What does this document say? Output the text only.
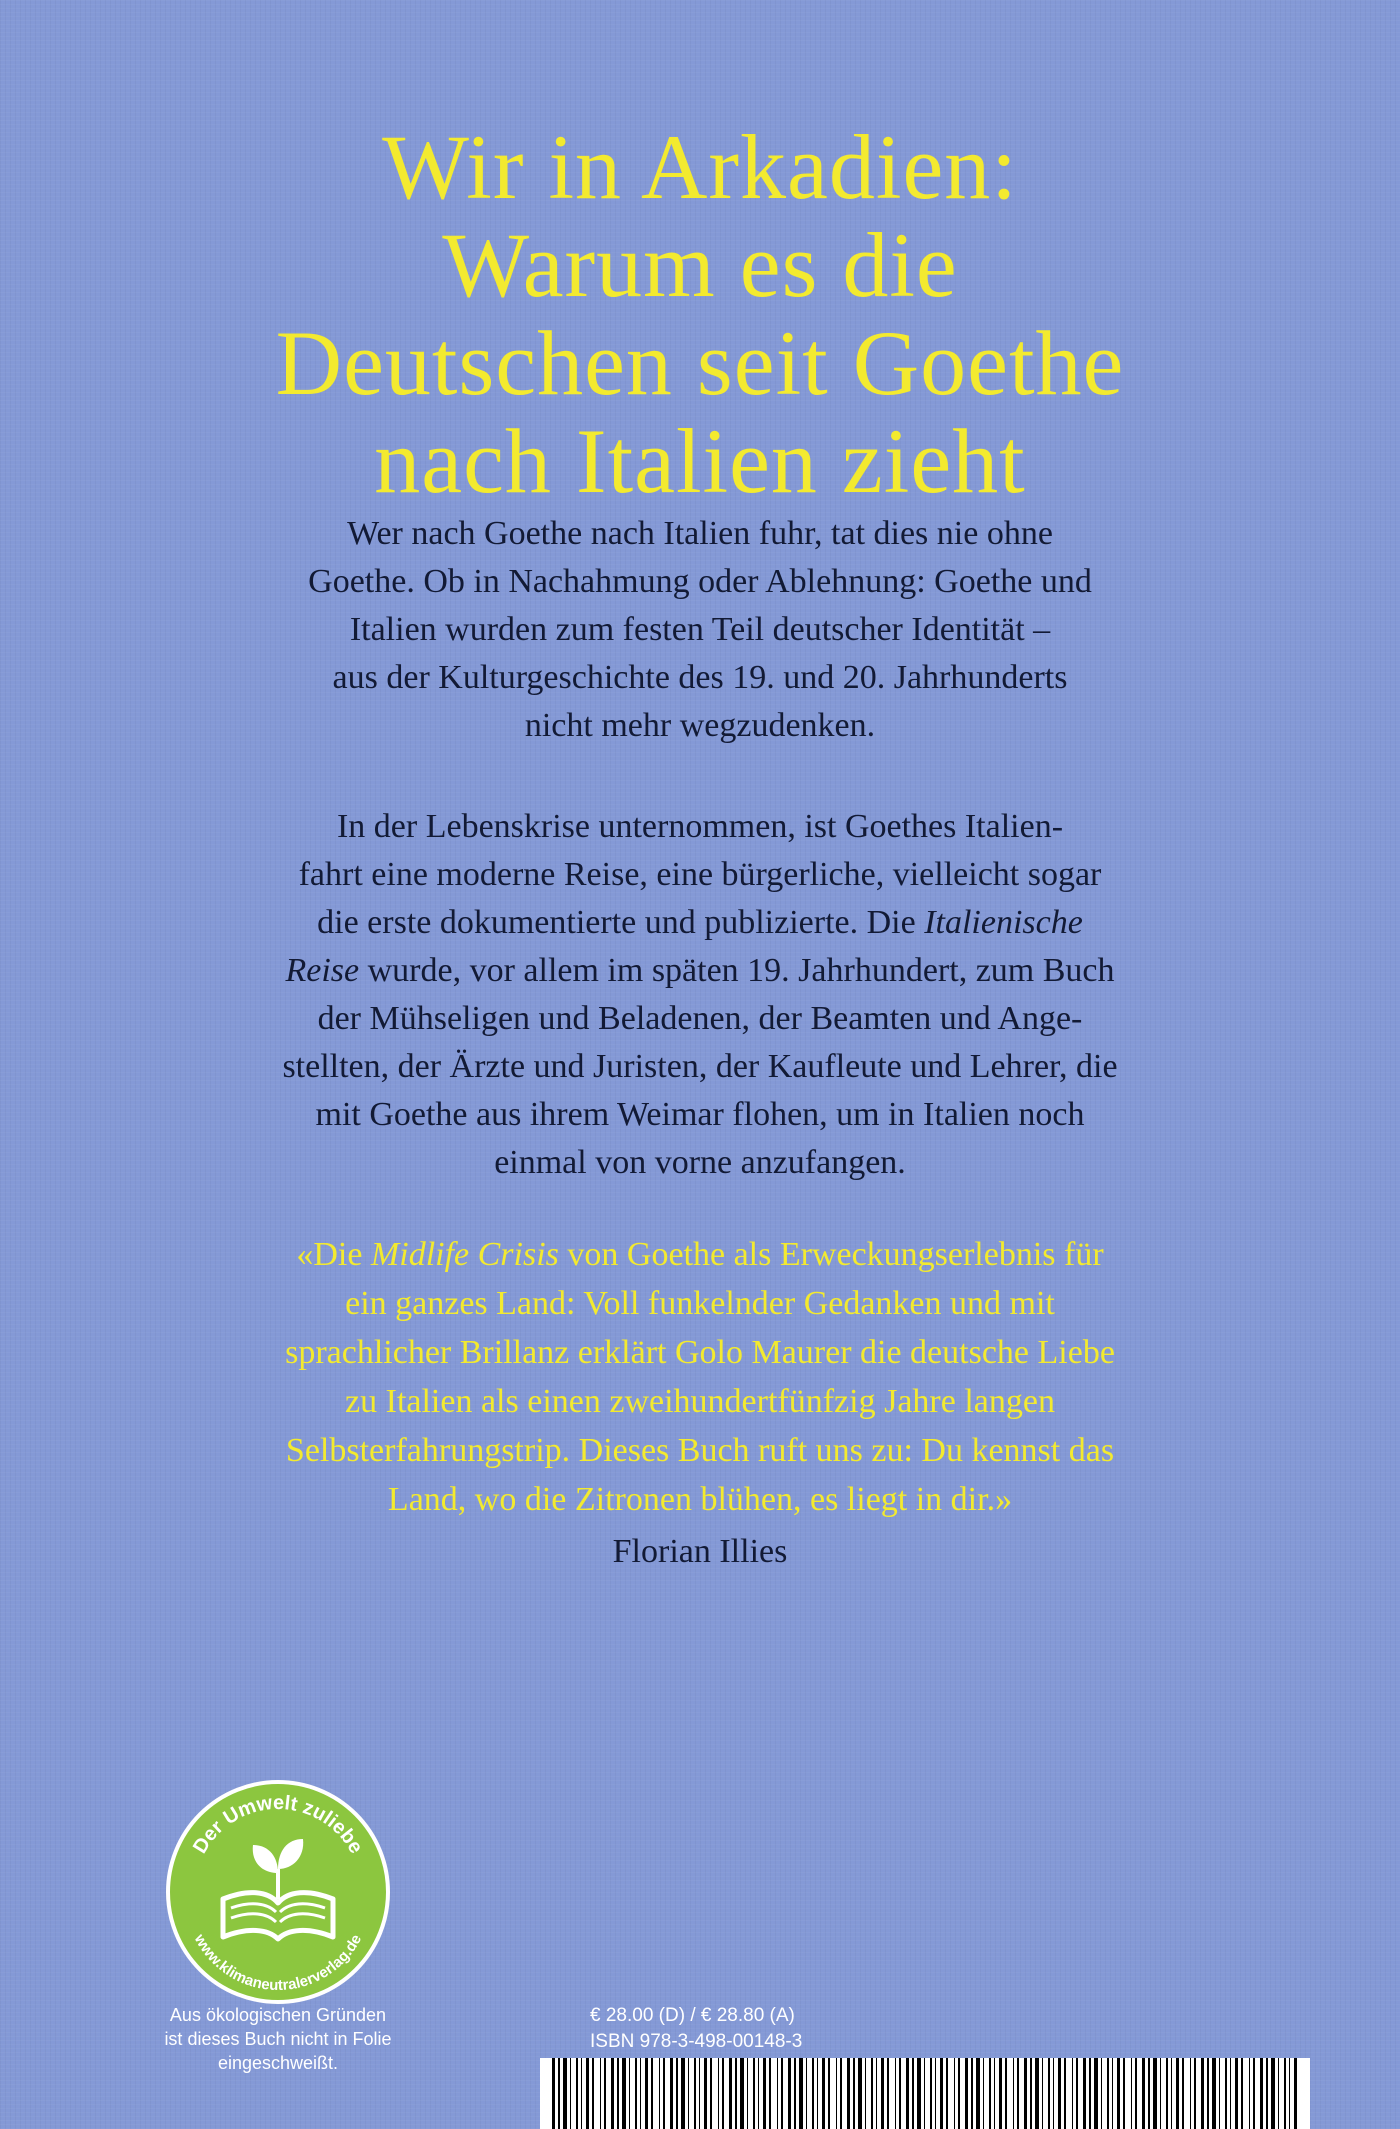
Wir in Arkadien:
Warum es die
Deutschen seit Goethe
nach Italien zieht
Wer nach Goethe nach Italien fuhr, tat dies nie ohne
Goethe. Ob in Nachahmung oder Ablehnung: Goethe und
Italien wurden zum festen Teil deutscher Identität –
aus der Kulturgeschichte des 19. und 20. Jahrhunderts
nicht mehr wegzudenken.
In der Lebenskrise unternommen, ist Goethes Italien-
fahrt eine moderne Reise, eine bürgerliche, vielleicht sogar
die erste dokumentierte und publizierte. Die Italienische
Reise wurde, vor allem im späten 19. Jahrhundert, zum Buch
der Mühseligen und Beladenen, der Beamten und Ange-
stellten, der Ärzte und Juristen, der Kaufleute und Lehrer, die
mit Goethe aus ihrem Weimar flohen, um in Italien noch
einmal von vorne anzufangen.
«Die Midlife Crisis von Goethe als Erweckungserlebnis für
ein ganzes Land: Voll funkelnder Gedanken und mit
sprachlicher Brillanz erklärt Golo Maurer die deutsche Liebe
zu Italien als einen zweihundertfünfzig Jahre langen
Selbsterfahrungstrip. Dieses Buch ruft uns zu: Du kennst das
Land, wo die Zitronen blühen, es liegt in dir.»
Florian Illies
Der Umwelt zuliebe
www.klimaneutralerverlag.de
Aus ökologischen Gründen
ist dieses Buch nicht in Folie
eingeschweißt.
€ 28.00 (D) / € 28.80 (A)
ISBN 978-3-498-00148-3
